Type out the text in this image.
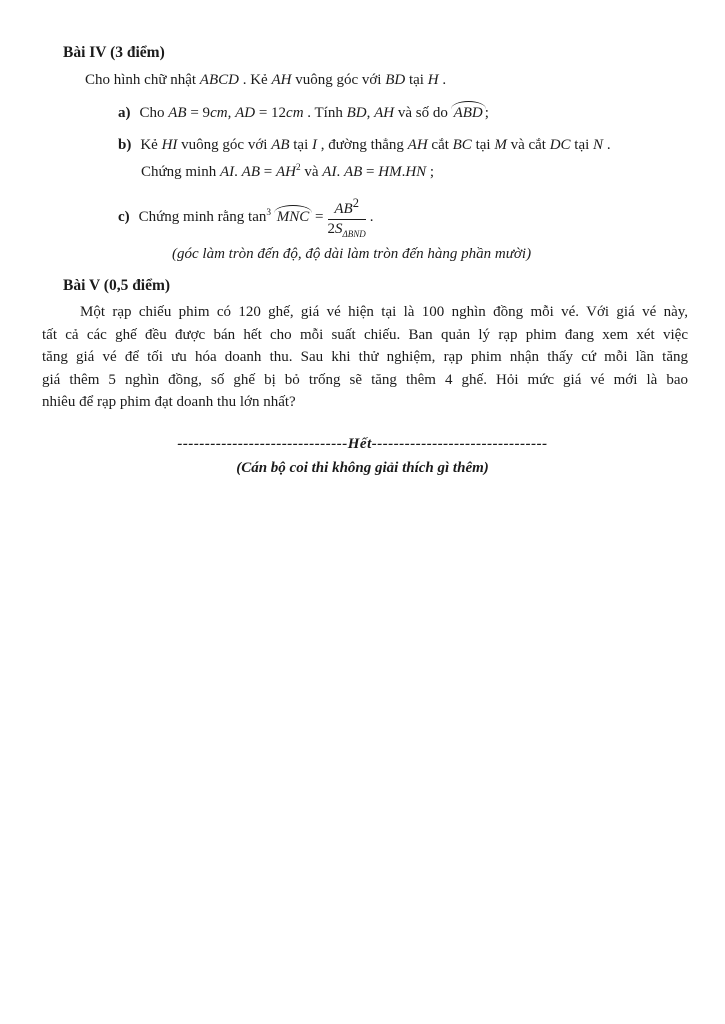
Bài IV (3 điểm)
Cho hình chữ nhật ABCD . Kẻ AH vuông góc với BD tại H .
a) Cho AB = 9cm, AD = 12cm . Tính BD, AH và số do ABD ;
b) Kẻ HI vuông góc với AB tại I , đường thẳng AH cắt BC tại M và cắt DC tại N .
Chứng minh AI. AB = $AH^2$ và AI. AB = HM.HN ;
c) Chứng minh rằng $\tan^3$ MNC = $\frac{AB^2}{2S_{\Delta BND}}$ .
(góc làm tròn đến độ, độ dài làm tròn đến hàng phần mười)
Bài V (0,5 điểm)
Một rạp chiếu phim có 120 ghế, giá vé hiện tại là 100 nghìn đồng mỗi vé. Với giá vé này,
tất cả các ghế đều được bán hết cho mỗi suất chiếu. Ban quản lý rạp phim đang xem xét việc
tăng giá vé để tối ưu hóa doanh thu. Sau khi thử nghiệm, rạp phim nhận thấy cứ mỗi lần tăng
giá thêm 5 nghìn đồng, số ghế bị bỏ trống sẽ tăng thêm 4 ghế. Hỏi mức giá vé mới là bao
nhiêu để rạp phim đạt doanh thu lớn nhất?
-------------------------------Hết--------------------------------
(Cán bộ coi thi không giải thích gì thêm)
